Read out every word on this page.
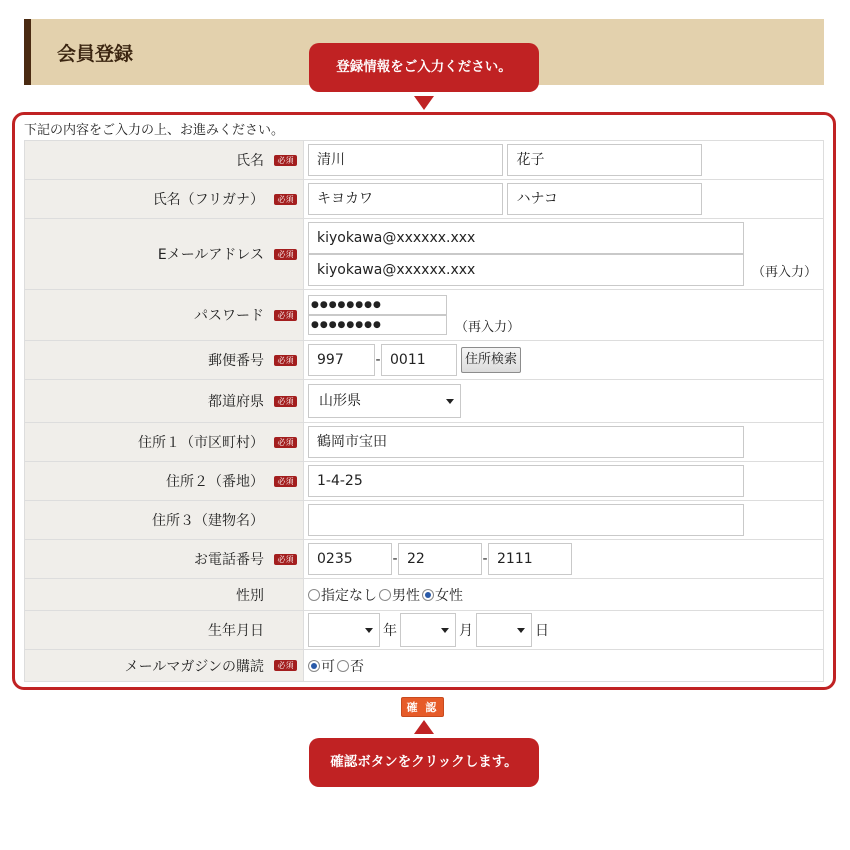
会員登録
登録情報をご入力ください。
下記の内容をご入力の上、お進みください。
氏名 必須	清川 花子
氏名（フリガナ） 必須	キヨカワ ハナコ
Eメールアドレス 必須	kiyokawa@xxxxxx.xxx
kiyokawa@xxxxxx.xxx （再入力）

パスワード 必須	●●●●●●●●
●●●●●●●● （再入力）

郵便番号 必須	997 - 0011 住所検索
都道府県 必須	山形県

住所１（市区町村） 必須	鶴岡市宝田
住所２（番地） 必須	1-4-25
住所３（建物名）	
お電話番号 必須	0235 - 22 - 2111
性別	指定なし 男性 女性
生年月日	年 月 日
メールマガジンの購読 必須	可 否
確 認
確認ボタンをクリックします。
